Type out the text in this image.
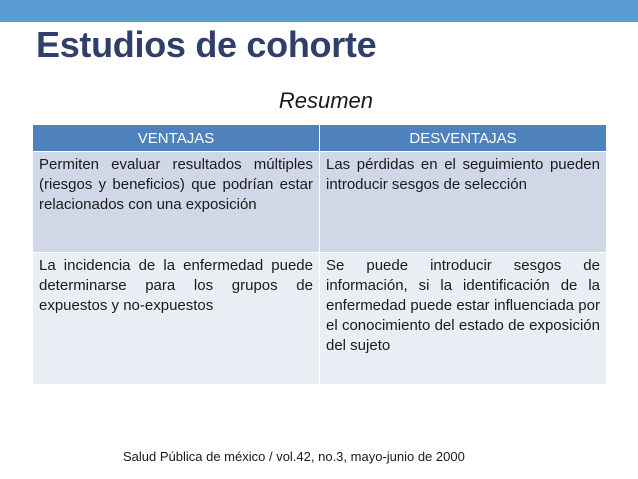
Estudios de cohorte
Resumen
VENTAJAS	DESVENTAJAS
Permiten evaluar resultados múltiples (riesgos y beneficios) que podrían estar relacionados con una exposición	Las pérdidas en el seguimiento pueden introducir sesgos de selección
La incidencia de la enfermedad puede determinarse para los grupos de expuestos y no-expuestos	Se puede introducir sesgos de información, si la identificación de la enfermedad puede estar influenciada por el conocimiento del estado de exposición del sujeto
Salud Pública de méxico / vol.42, no.3, mayo-junio de 2000
